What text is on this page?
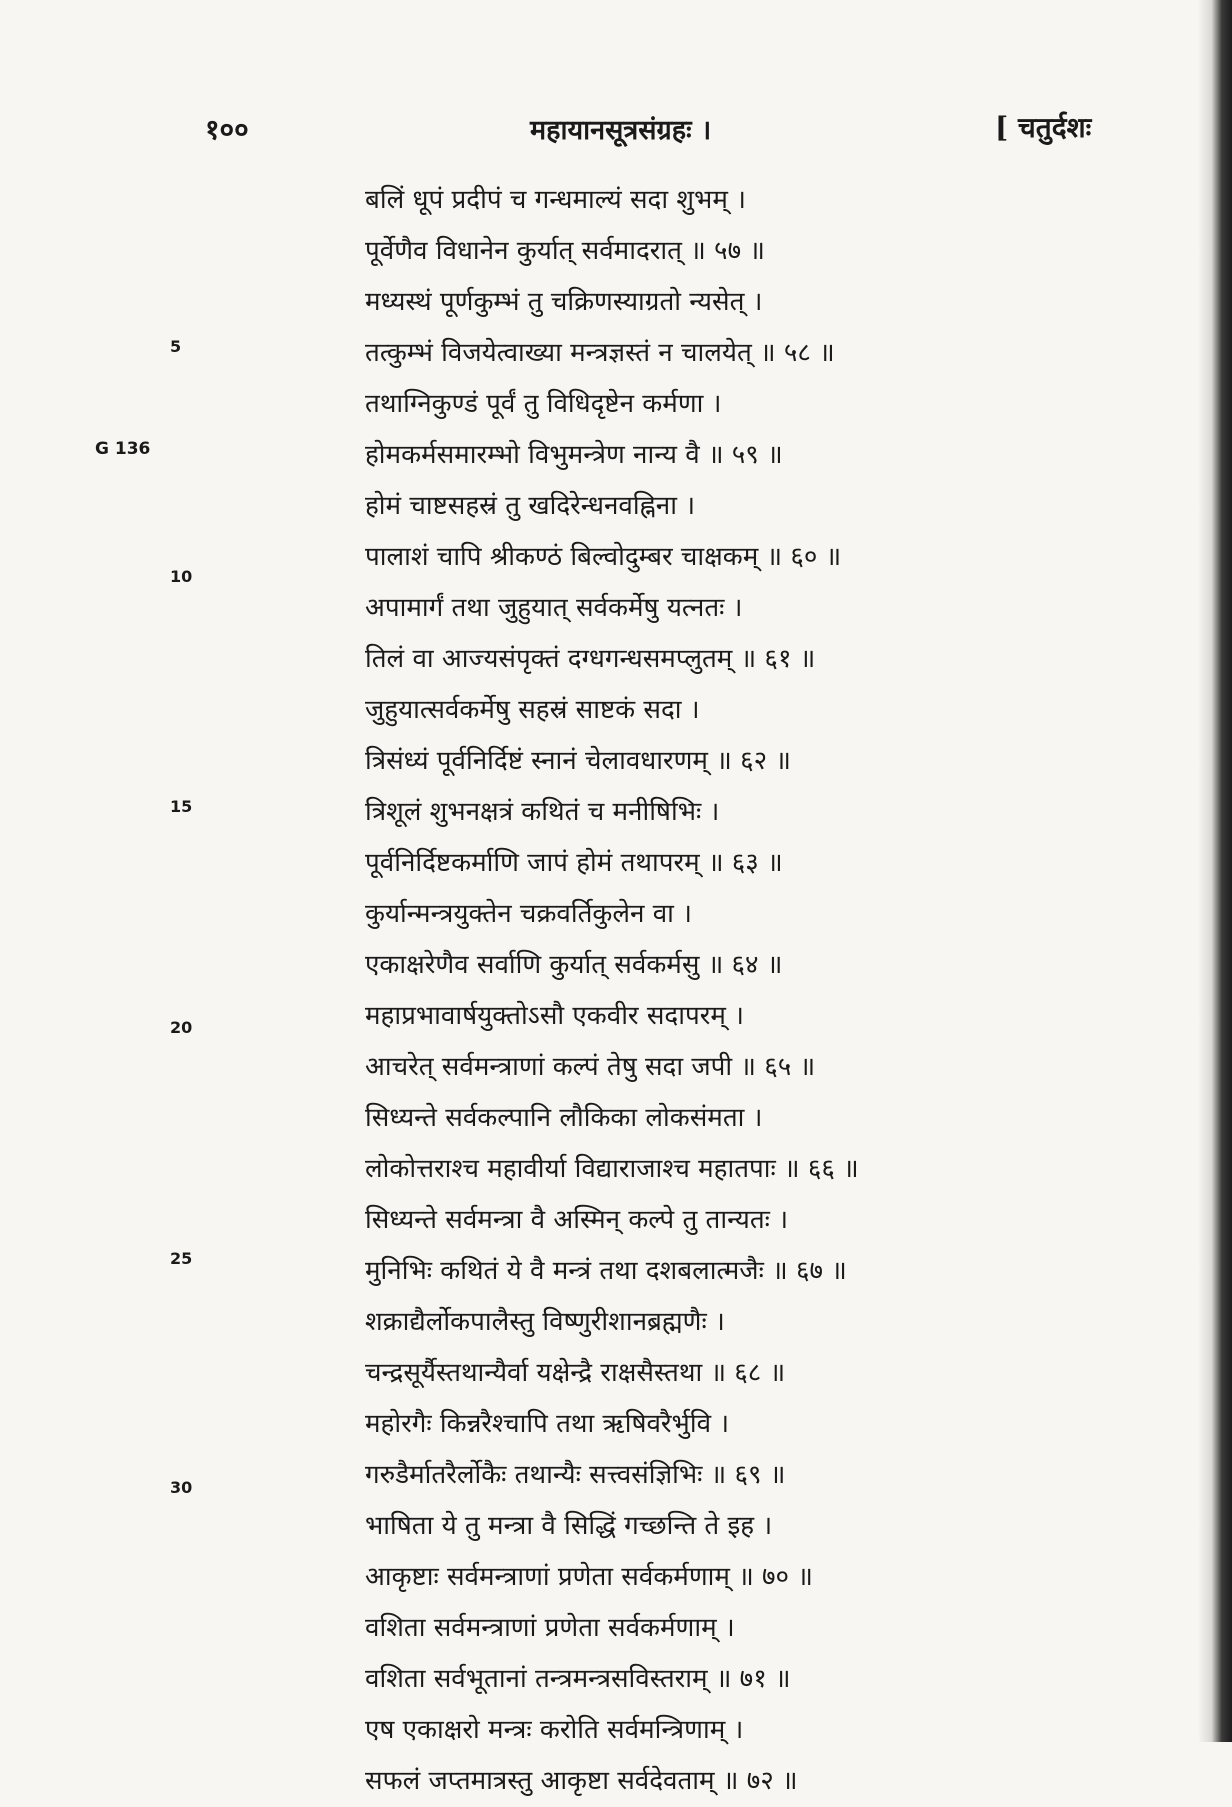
१००	महायानसूत्रसंग्रहः ।	[ चतुर्दशः
5
G 136
10
15
20
25
30
बलिं धूपं प्रदीपं च गन्धमाल्यं सदा शुभम् ।
पूर्वेणैव विधानेन कुर्यात् सर्वमादरात् ॥ ५७ ॥
मध्यस्थं पूर्णकुम्भं तु चक्रिणस्याग्रतो न्यसेत् ।
तत्कुम्भं विजयेत्वाख्या मन्त्रज्ञस्तं न चालयेत् ॥ ५८ ॥
तथाग्निकुण्डं पूर्वं तु विधिदृष्टेन कर्मणा ।
होमकर्मसमारम्भो विभुमन्त्रेण नान्य वै ॥ ५९ ॥
होमं चाष्टसहस्रं तु खदिरेन्धनवह्निना ।
पालाशं चापि श्रीकण्ठं बिल्वोदुम्बर चाक्षकम् ॥ ६० ॥
अपामार्गं तथा जुहुयात् सर्वकर्मेषु यत्नतः ।
तिलं वा आज्यसंपृक्तं दग्धगन्धसमप्लुतम् ॥ ६१ ॥
जुहुयात्सर्वकर्मेषु सहस्रं साष्टकं सदा ।
त्रिसंध्यं पूर्वनिर्दिष्टं स्नानं चेलावधारणम् ॥ ६२ ॥
त्रिशूलं शुभनक्षत्रं कथितं च मनीषिभिः ।
पूर्वनिर्दिष्टकर्माणि जापं होमं तथापरम् ॥ ६३ ॥
कुर्यान्मन्त्रयुक्तेन चक्रवर्तिकुलेन वा ।
एकाक्षरेणैव सर्वाणि कुर्यात् सर्वकर्मसु ॥ ६४ ॥
महाप्रभावार्षयुक्तोऽसौ एकवीर सदापरम् ।
आचरेत् सर्वमन्त्राणां कल्पं तेषु सदा जपी ॥ ६५ ॥
सिध्यन्ते सर्वकल्पानि लौकिका लोकसंमता ।
लोकोत्तराश्च महावीर्या विद्याराजाश्च महातपाः ॥ ६६ ॥
सिध्यन्ते सर्वमन्त्रा वै अस्मिन् कल्पे तु तान्यतः ।
मुनिभिः कथितं ये वै मन्त्रं तथा दशबलात्मजैः ॥ ६७ ॥
शक्राद्यैर्लोकपालैस्तु विष्णुरीशानब्रह्मणैः ।
चन्द्रसूर्यैस्तथान्यैर्वा यक्षेन्द्रै राक्षसैस्तथा ॥ ६८ ॥
महोरगैः किन्नरैश्चापि तथा ऋषिवरैर्भुवि ।
गरुडैर्मातरैर्लोकैः तथान्यैः सत्त्वसंज्ञिभिः ॥ ६९ ॥
भाषिता ये तु मन्त्रा वै सिद्धिं गच्छन्ति ते इह ।
आकृष्टाः सर्वमन्त्राणां प्रणेता सर्वकर्मणाम् ॥ ७० ॥
वशिता सर्वमन्त्राणां प्रणेता सर्वकर्मणाम् ।
वशिता सर्वभूतानां तन्त्रमन्त्रसविस्तराम् ॥ ७१ ॥
एष एकाक्षरो मन्त्रः करोति सर्वमन्त्रिणाम् ।
सफलं जप्तमात्रस्तु आकृष्टा सर्वदेवताम् ॥ ७२ ॥
